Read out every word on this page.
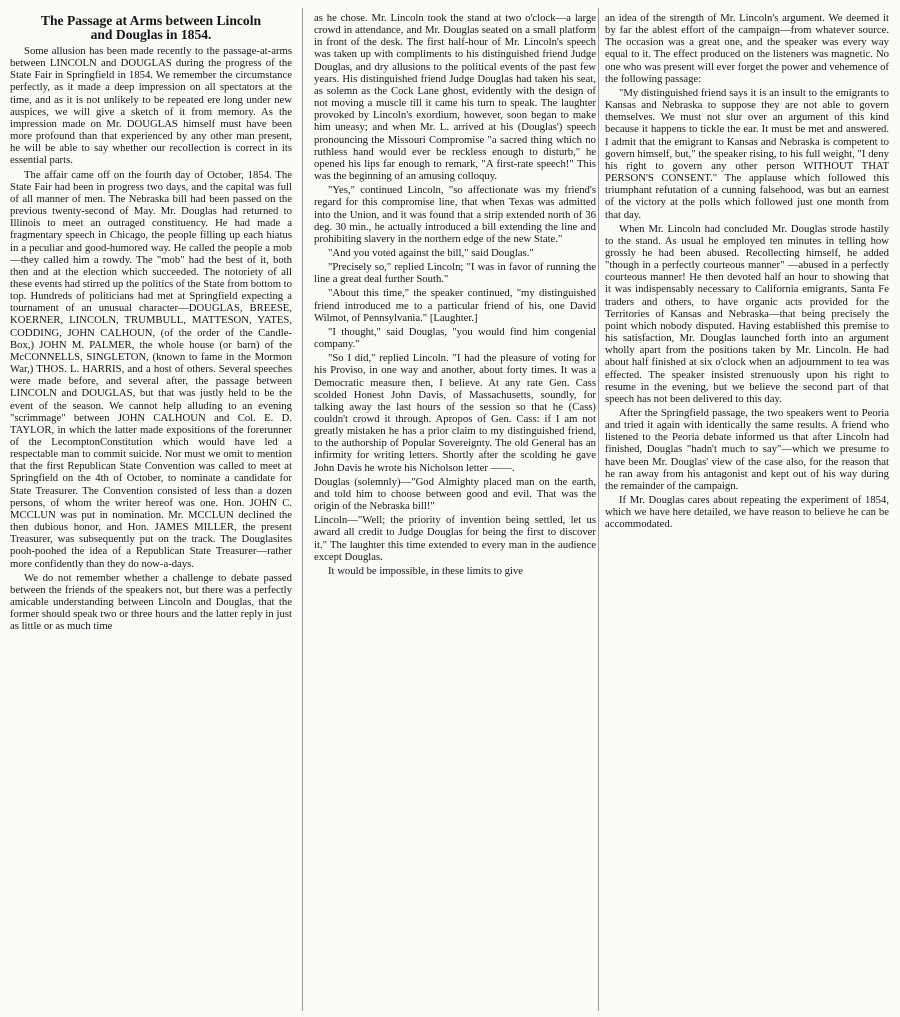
The Passage at Arms between Lincoln
and Douglas in 1854.

Some allusion has been made recently to the passage-at-arms between LINCOLN and DOUGLAS during the progress of the State Fair in Springfield in 1854. We remember the circumstance perfectly, as it made a deep impression on all spectators at the time, and as it is not unlikely to be repeated ere long under new auspices, we will give a sketch of it from memory. As the impression made on Mr. DOUGLAS himself must have been more profound than that experienced by any other man present, he will be able to say whether our recollection is correct in its essential parts.

The affair came off on the fourth day of October, 1854. The State Fair had been in progress two days, and the capital was full of all manner of men. The Nebraska bill had been passed on the previous twenty-second of May. Mr. Douglas had returned to Illinois to meet an outraged constituency. He had made a fragmentary speech in Chicago, the people filling up each hiatus in a peculiar and good-humored way. He called the people a mob—they called him a rowdy. The "mob" had the best of it, both then and at the election which succeeded. The notoriety of all these events had stirred up the politics of the State from bottom to top. Hundreds of politicians had met at Springfield expecting a tournament of an unusual character—DOUGLAS, BREESE, KOERNER, LINCOLN, TRUMBULL, MATTESON, YATES, CODDING, JOHN CALHOUN, (of the order of the Candle-Box,) JOHN M. PALMER, the whole house (or barn) of the McCONNELLS, SINGLETON, (known to fame in the Mormon War,) THOS. L. HARRIS, and a host of others. Several speeches were made before, and several after, the passage between LINCOLN and DOUGLAS, but that was justly held to be the event of the season. We cannot help alluding to an evening "scrimmage" between JOHN CALHOUN and Col. E. D. TAYLOR, in which the latter made expositions of the forerunner of the LecomptonConstitution which would have led a respectable man to commit suicide. Nor must we omit to mention that the first Republican State Convention was called to meet at Springfield on the 4th of October, to nominate a candidate for State Treasurer. The Convention consisted of less than a dozen persons, of whom the writer hereof was one. Hon. JOHN C. MCCLUN was put in nomination. Mr. MCCLUN declined the then dubious honor, and Hon. JAMES MILLER, the present Treasurer, was subsequently put on the track. The Douglasites pooh-poohed the idea of a Republican State Treasurer—rather more confidently than they do now-a-days.

We do not remember whether a challenge to debate passed between the friends of the speakers not, but there was a perfectly amicable understanding between Lincoln and Douglas, that the former should speak two or three hours and the latter reply in just as little or as much time

as he chose. Mr. Lincoln took the stand at two o'clock—a large crowd in attendance, and Mr. Douglas seated on a small platform in front of the desk. The first half-hour of Mr. Lincoln's speech was taken up with compliments to his distinguished friend Judge Douglas, and dry allusions to the political events of the past few years. His distinguished friend Judge Douglas had taken his seat, as solemn as the Cock Lane ghost, evidently with the design of not moving a muscle till it came his turn to speak. The laughter provoked by Lincoln's exordium, however, soon began to make him uneasy; and when Mr. L. arrived at his (Douglas') speech pronouncing the Missouri Compromise "a sacred thing which no ruthless hand would ever be reckless enough to disturb," he opened his lips far enough to remark, "A first-rate speech!" This was the beginning of an amusing colloquy.

"Yes," continued Lincoln, "so affectionate was my friend's regard for this compromise line, that when Texas was admitted into the Union, and it was found that a strip extended north of 36 deg. 30 min., he actually introduced a bill extending the line and prohibiting slavery in the northern edge of the new State."

"And you voted against the bill," said Douglas."

"Precisely so," replied Lincoln; "I was in favor of running the line a great deal further South."

"About this time," the speaker continued, "my distinguished friend introduced me to a particular friend of his, one David Wilmot, of Pennsylvania." [Laughter.]

"I thought," said Douglas, "you would find him congenial company."

"So I did," replied Lincoln. "I had the pleasure of voting for his Proviso, in one way and another, about forty times. It was a Democratic measure then, I believe. At any rate Gen. Cass scolded Honest John Davis, of Massachusetts, soundly, for talking away the last hours of the session so that he (Cass) couldn't crowd it through. Apropos of Gen. Cass: if I am not greatly mistaken he has a prior claim to my distinguished friend, to the authorship of Popular Sovereignty. The old General has an infirmity for writing letters. Shortly after the scolding he gave John Davis he wrote his Nicholson letter ——.

Douglas (solemnly)—"God Almighty placed man on the earth, and told him to choose between good and evil. That was the origin of the Nebraska bill!"

Lincoln—"Well; the priority of invention being settled, let us award all credit to Judge Douglas for being the first to discover it." The laughter this time extended to every man in the audience except Douglas.

It would be impossible, in these limits to give

an idea of the strength of Mr. Lincoln's argument. We deemed it by far the ablest effort of the campaign—from whatever source. The occasion was a great one, and the speaker was every way equal to it. The effect produced on the listeners was magnetic. No one who was present will ever forget the power and vehemence of the following passage:

"My distinguished friend says it is an insult to the emigrants to Kansas and Nebraska to suppose they are not able to govern themselves. We must not slur over an argument of this kind because it happens to tickle the ear. It must be met and answered. I admit that the emigrant to Kansas and Nebraska is competent to govern himself, but," the speaker rising, to his full weight, "I deny his right to govern any other person WITHOUT THAT PERSON'S CONSENT." The applause which followed this triumphant refutation of a cunning falsehood, was but an earnest of the victory at the polls which followed just one month from that day.

When Mr. Lincoln had concluded Mr. Douglas strode hastily to the stand. As usual he employed ten minutes in telling how grossly he had been abused. Recollecting himself, he added "though in a perfectly courteous manner" —abused in a perfectly courteous manner! He then devoted half an hour to showing that it was indispensably necessary to California emigrants, Santa Fe traders and others, to have organic acts provided for the Territories of Kansas and Nebraska—that being precisely the point which nobody disputed. Having established this premise to his satisfaction, Mr. Douglas launched forth into an argument wholly apart from the positions taken by Mr. Lincoln. He had about half finished at six o'clock when an adjournment to tea was effected. The speaker insisted strenuously upon his right to resume in the evening, but we believe the second part of that speech has not been delivered to this day.

After the Springfield passage, the two speakers went to Peoria and tried it again with identically the same results. A friend who listened to the Peoria debate informed us that after Lincoln had finished, Douglas "hadn't much to say"—which we presume to have been Mr. Douglas' view of the case also, for the reason that he ran away from his antagonist and kept out of his way during the remainder of the campaign.

If Mr. Douglas cares about repeating the experiment of 1854, which we have here detailed, we have reason to believe he can be accommodated.
